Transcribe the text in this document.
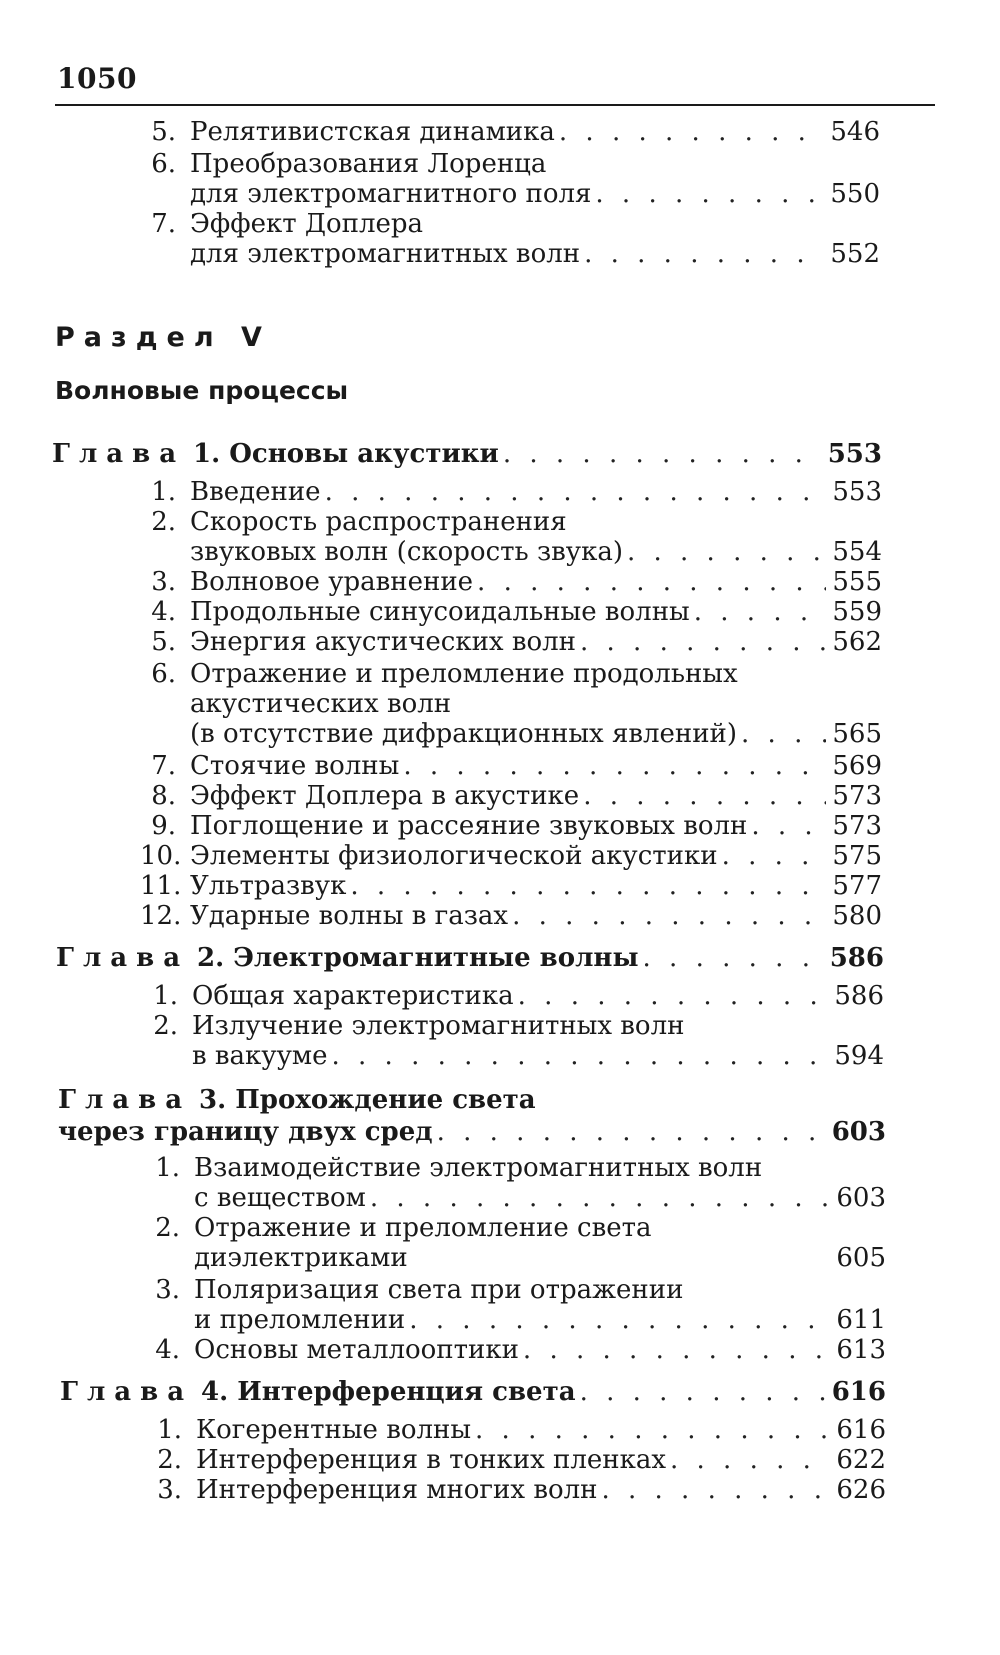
1050
5. Релятивистская динамика . . .	546
6. Преобразования Лоренца
для электромагнитного поля . . .	550
7. Эффект Доплера
для электромагнитных волн . . .	552
Раздел V
Волновые процессы
Глава 1. Основы акустики . . .	553
1. Введение . . .	553
2. Скорость распространения
звуковых волн (скорость звука) . . .	554
3. Волновое уравнение . . .	555
4. Продольные синусоидальные волны . . .	559
5. Энергия акустических волн . . .	562
6. Отражение и преломление продольных
акустических волн
(в отсутствие дифракционных явлений) . . .	565
7. Стоячие волны . . .	569
8. Эффект Доплера в акустике . . .	573
9. Поглощение и рассеяние звуковых волн . . .	573
10. Элементы физиологической акустики . . .	575
11. Ультразвук . . .	577
12. Ударные волны в газах . . .	580
Глава 2. Электромагнитные волны . . .	586
1. Общая характеристика . . .	586
2. Излучение электромагнитных волн
в вакууме . . .	594
Глава 3. Прохождение света
через границу двух сред . . .	603
1. Взаимодействие электромагнитных волн
с веществом . . .	603
2. Отражение и преломление света
диэлектриками	605
3. Поляризация света при отражении
и преломлении . . .	611
4. Основы металлооптики . . .	613
Глава 4. Интерференция света . . .	616
1. Когерентные волны . . .	616
2. Интерференция в тонких пленках . . .	622
3. Интерференция многих волн . . .	626
